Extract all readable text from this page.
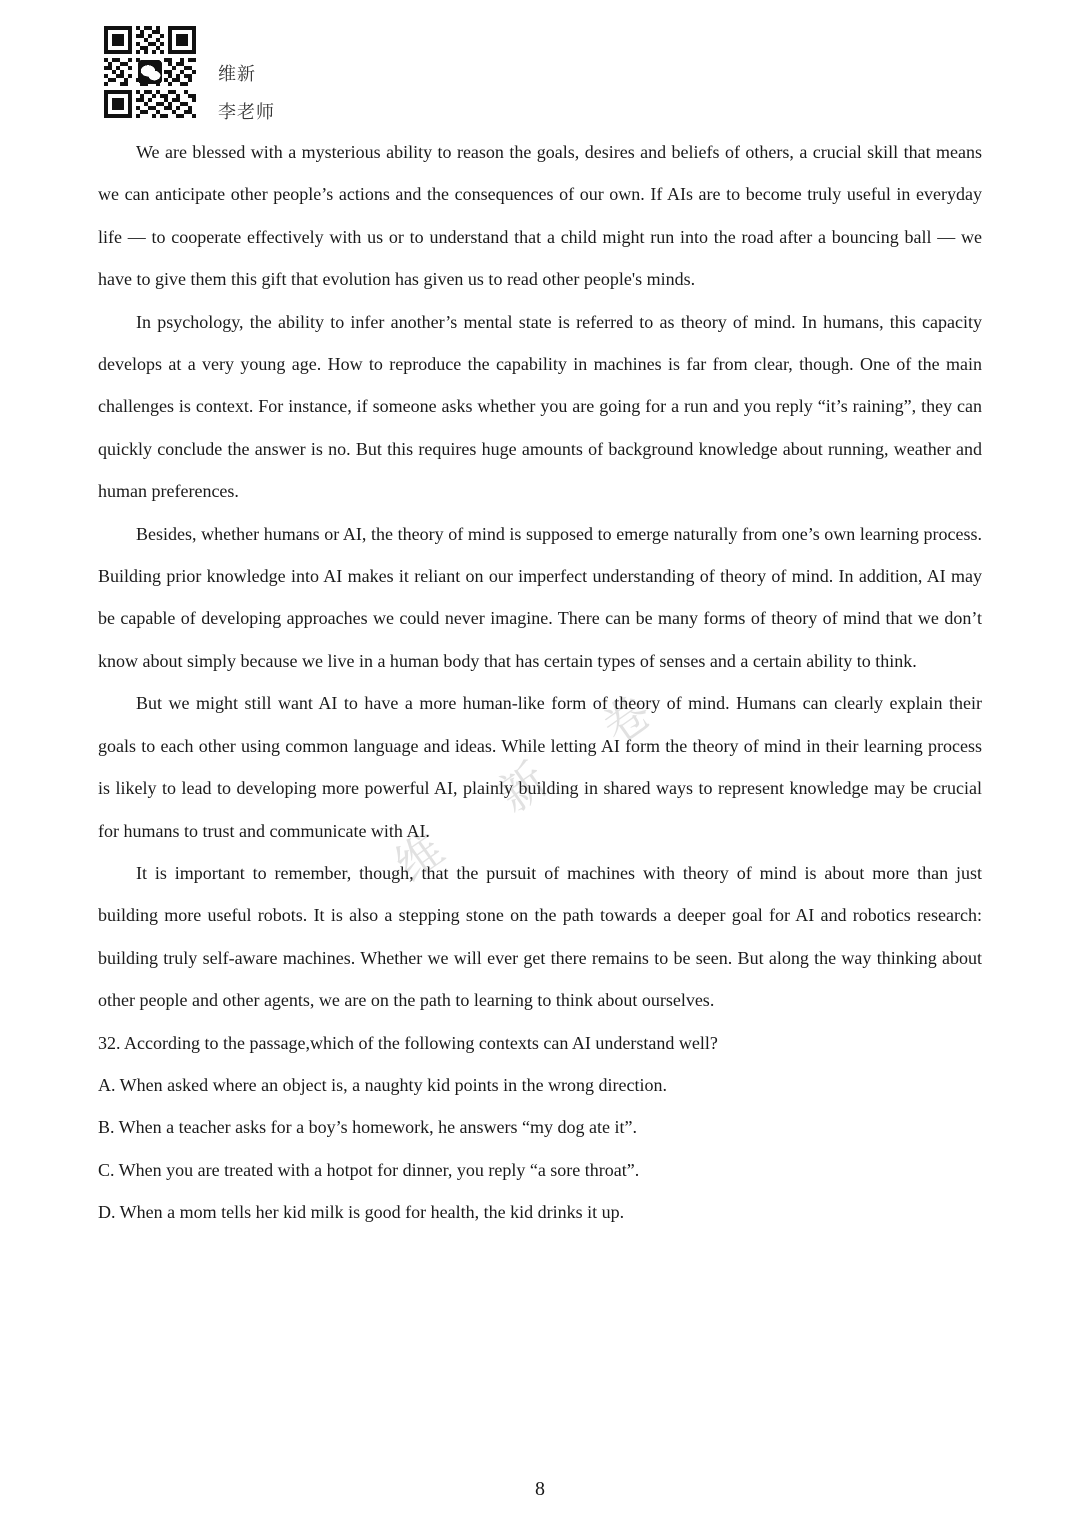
维新
李老师
维
新
卷

We are blessed with a mysterious ability to reason the goals, desires and beliefs of others, a crucial skill that means we can anticipate other people’s actions and the consequences of our own. If AIs are to become truly useful in everyday life — to cooperate effectively with us or to understand that a child might run into the road after a bouncing ball — we have to give them this gift that evolution has given us to read other people's minds.

In psychology, the ability to infer another’s mental state is referred to as theory of mind. In humans, this capacity develops at a very young age. How to reproduce the capability in machines is far from clear, though. One of the main challenges is context. For instance, if someone asks whether you are going for a run and you reply “it’s raining”, they can quickly conclude the answer is no. But this requires huge amounts of background knowledge about running, weather and human preferences.

Besides, whether humans or AI, the theory of mind is supposed to emerge naturally from one’s own learning process. Building prior knowledge into AI makes it reliant on our imperfect understanding of theory of mind. In addition, AI may be capable of developing approaches we could never imagine. There can be many forms of theory of mind that we don’t know about simply because we live in a human body that has certain types of senses and a certain ability to think.

But we might still want AI to have a more human-like form of theory of mind. Humans can clearly explain their goals to each other using common language and ideas. While letting AI form the theory of mind in their learning process is likely to lead to developing more powerful AI, plainly building in shared ways to represent knowledge may be crucial for humans to trust and communicate with AI.

It is important to remember, though, that the pursuit of machines with theory of mind is about more than just building more useful robots. It is also a stepping stone on the path towards a deeper goal for AI and robotics research: building truly self-aware machines. Whether we will ever get there remains to be seen. But along the way thinking about other people and other agents, we are on the path to learning to think about ourselves.

32. According to the passage,which of the following contexts can AI understand well?

A. When asked where an object is, a naughty kid points in the wrong direction.

B. When a teacher asks for a boy’s homework, he answers “my dog ate it”.

C. When you are treated with a hotpot for dinner, you reply “a sore throat”.

D. When a mom tells her kid milk is good for health, the kid drinks it up.

8
